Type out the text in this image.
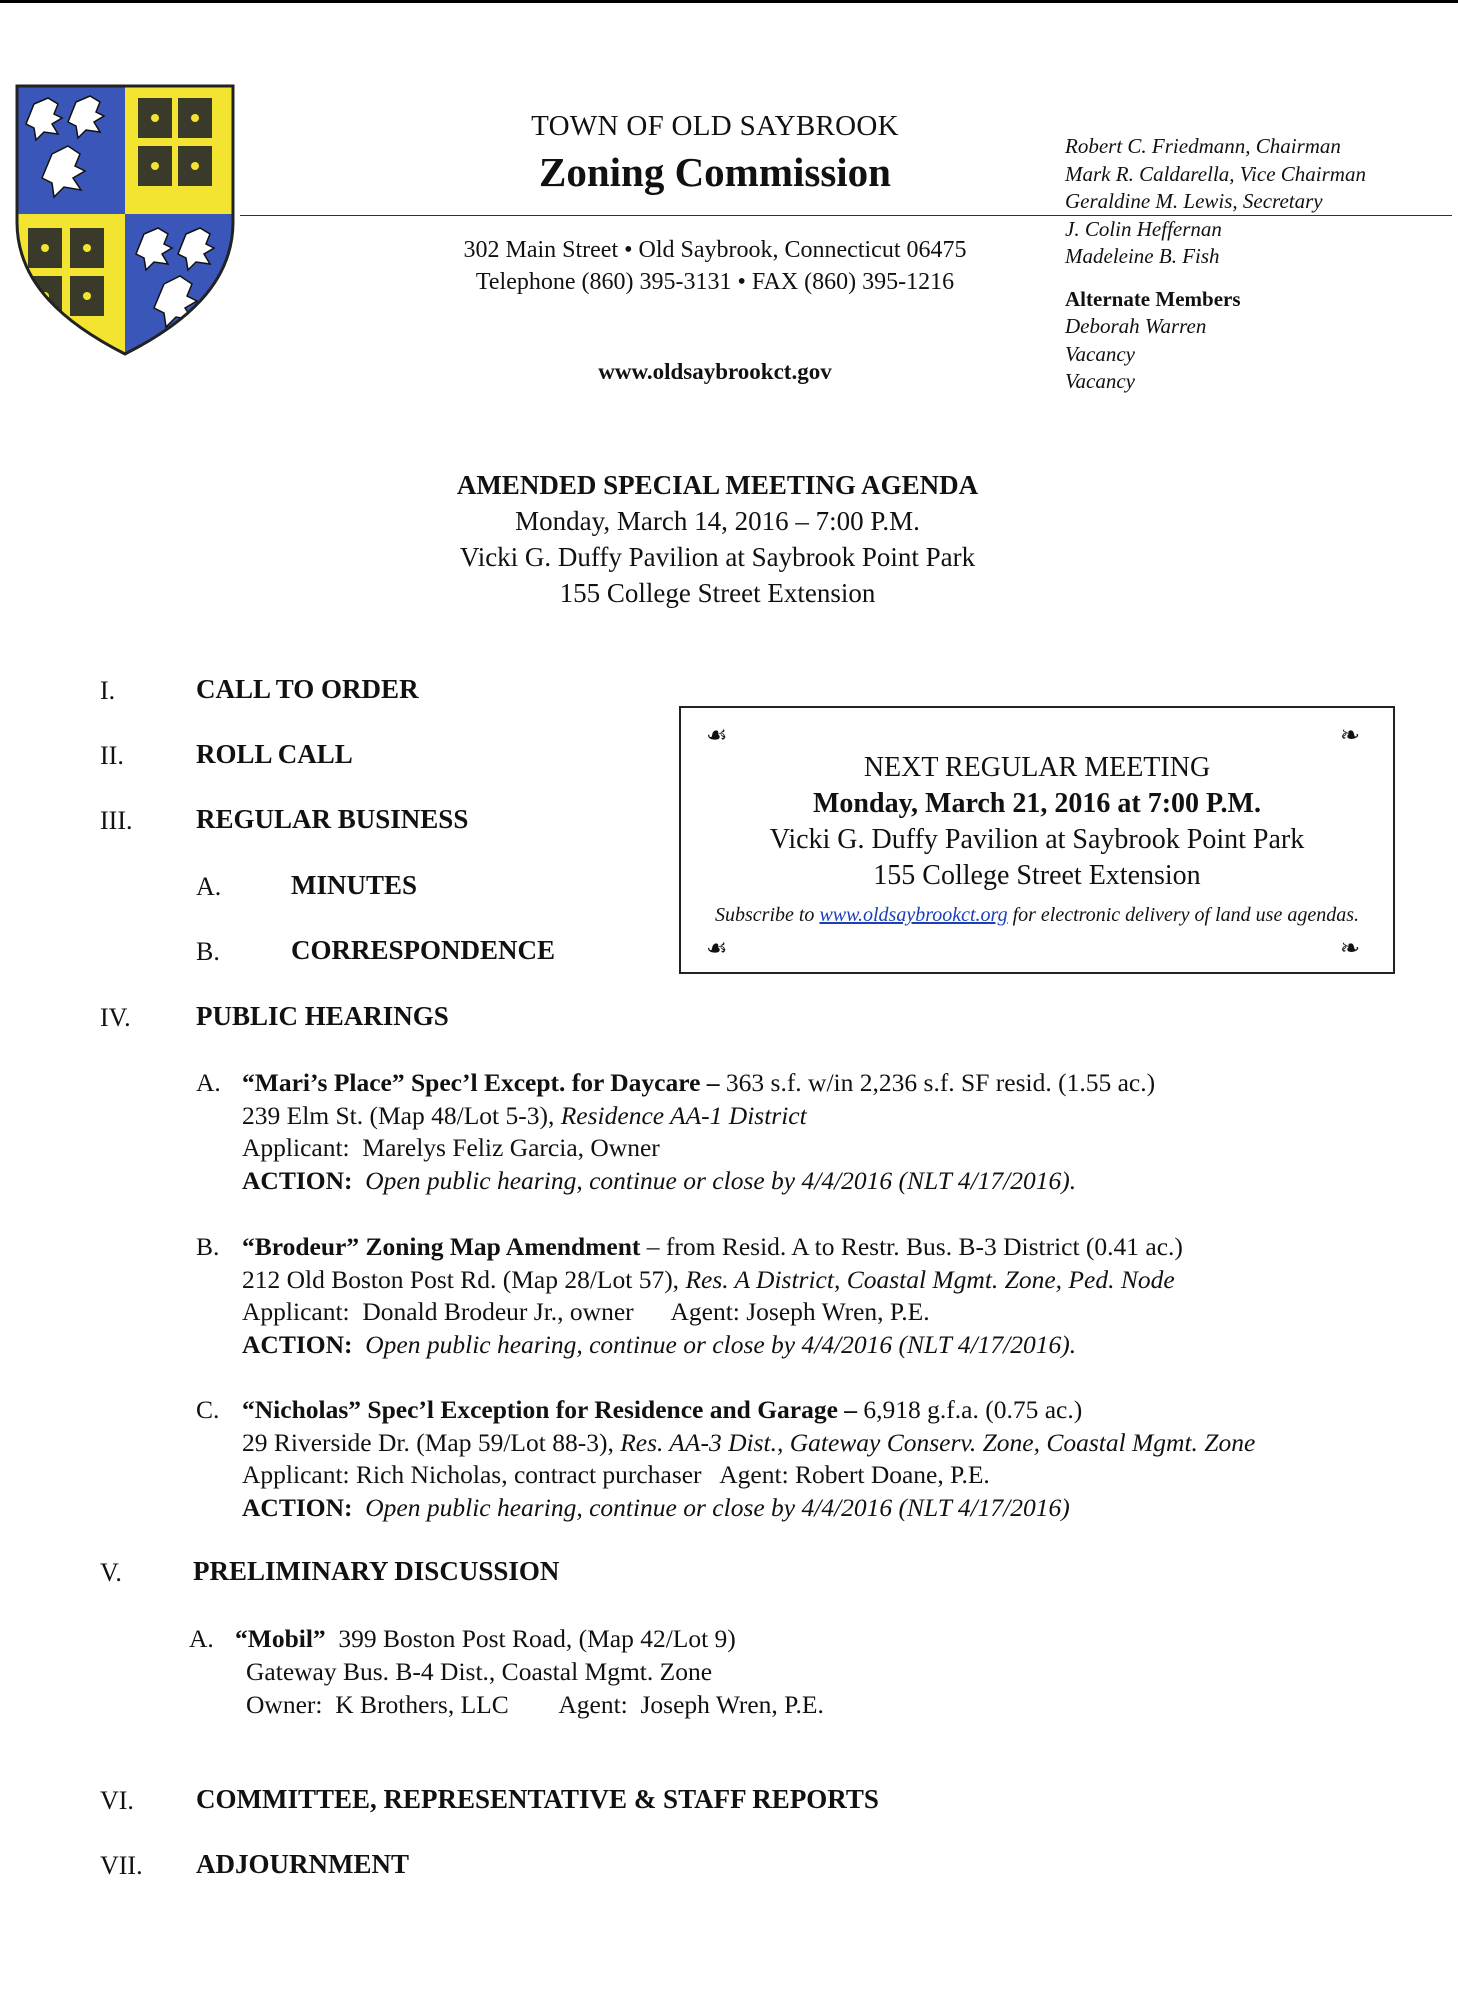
TOWN OF OLD SAYBROOK
Zoning Commission
302 Main Street • Old Saybrook, Connecticut 06475
Telephone (860) 395-3131 • FAX (860) 395-1216
www.oldsaybrookct.gov
Robert C. Friedmann, Chairman
Mark R. Caldarella, Vice Chairman
Geraldine M. Lewis, Secretary
J. Colin Heffernan
Madeleine B. Fish
Alternate Members
Deborah Warren
Vacancy
Vacancy
AMENDED SPECIAL MEETING AGENDA
Monday, March 14, 2016 – 7:00 P.M.
Vicki G. Duffy Pavilion at Saybrook Point Park
155 College Street Extension
I.	CALL TO ORDER
II.	ROLL CALL
III. REGULAR BUSINESS
A.	MINUTES
B.	CORRESPONDENCE
☙	❧
☙	❧
NEXT REGULAR MEETING
Monday, March 21, 2016 at 7:00 P.M.
Vicki G. Duffy Pavilion at Saybrook Point Park
155 College Street Extension
Subscribe to www.oldsaybrookct.org for electronic delivery of land use agendas.
IV. PUBLIC HEARINGS
A. “Mari’s Place” Spec’l Except. for Daycare – 363 s.f. w/in 2,236 s.f. SF resid. (1.55 ac.)
239 Elm St. (Map 48/Lot 5-3), Residence AA-1 District
Applicant:  Marelys Feliz Garcia, Owner
ACTION:  Open public hearing, continue or close by 4/4/2016 (NLT 4/17/2016).
B. “Brodeur” Zoning Map Amendment – from Resid. A to Restr. Bus. B-3 District (0.41 ac.)
212 Old Boston Post Rd. (Map 28/Lot 57), Res. A District, Coastal Mgmt. Zone, Ped. Node
Applicant:  Donald Brodeur Jr., owner      Agent: Joseph Wren, P.E.
ACTION:  Open public hearing, continue or close by 4/4/2016 (NLT 4/17/2016).
C. “Nicholas” Spec’l Exception for Residence and Garage – 6,918 g.f.a. (0.75 ac.)
29 Riverside Dr. (Map 59/Lot 88-3), Res. AA-3 Dist., Gateway Conserv. Zone, Coastal Mgmt. Zone
Applicant: Rich Nicholas, contract purchaser   Agent: Robert Doane, P.E.
ACTION:  Open public hearing, continue or close by 4/4/2016 (NLT 4/17/2016)
V.	PRELIMINARY DISCUSSION
A. “Mobil”  399 Boston Post Road, (Map 42/Lot 9)
Gateway Bus. B-4 Dist., Coastal Mgmt. Zone
Owner:  K Brothers, LLC        Agent:  Joseph Wren, P.E.
VI. COMMITTEE, REPRESENTATIVE & STAFF REPORTS
VII. ADJOURNMENT
